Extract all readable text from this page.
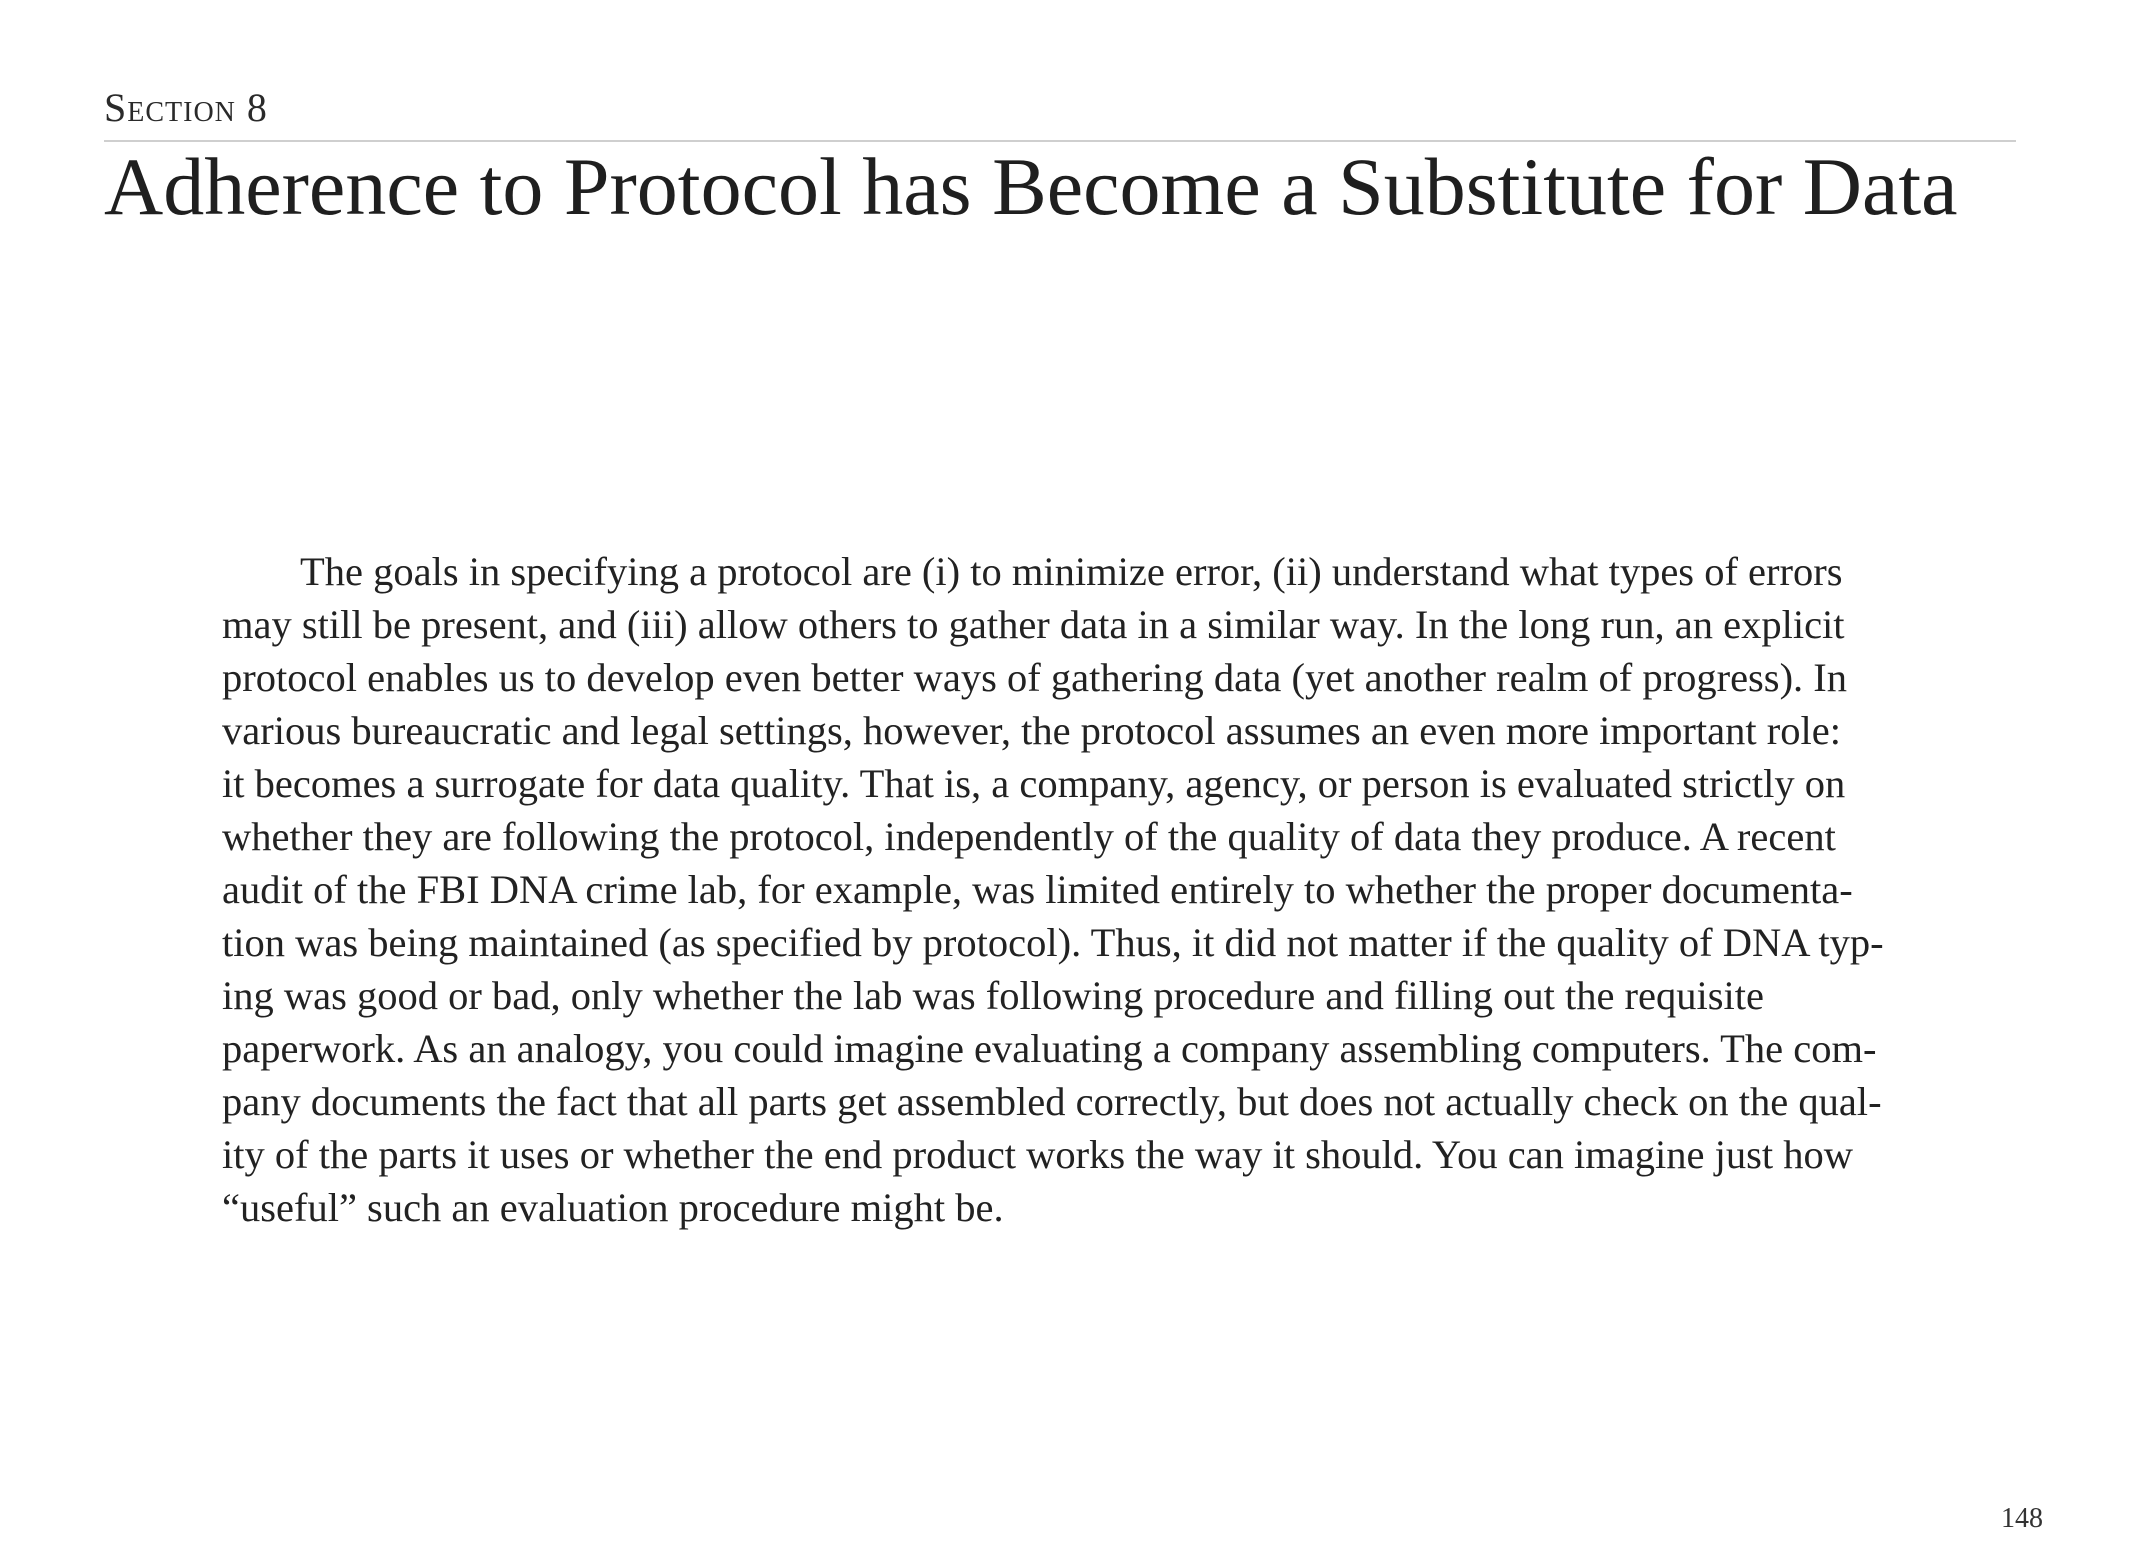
Section 8
Adherence to Protocol has Become a Substitute for Data

The goals in specifying a protocol are (i) to minimize error, (ii) understand what types of errors
may still be present, and (iii) allow others to gather data in a similar way. In the long run, an explicit
protocol enables us to develop even better ways of gathering data (yet another realm of progress). In
various bureaucratic and legal settings, however, the protocol assumes an even more important role:
it becomes a surrogate for data quality. That is, a company, agency, or person is evaluated strictly on
whether they are following the protocol, independently of the quality of data they produce. A recent
audit of the FBI DNA crime lab, for example, was limited entirely to whether the proper documenta-
tion was being maintained (as specified by protocol). Thus, it did not matter if the quality of DNA typ-
ing was good or bad, only whether the lab was following procedure and filling out the requisite
paperwork. As an analogy, you could imagine evaluating a company assembling computers. The com-
pany documents the fact that all parts get assembled correctly, but does not actually check on the qual-
ity of the parts it uses or whether the end product works the way it should. You can imagine just how
“useful” such an evaluation procedure might be.

148
